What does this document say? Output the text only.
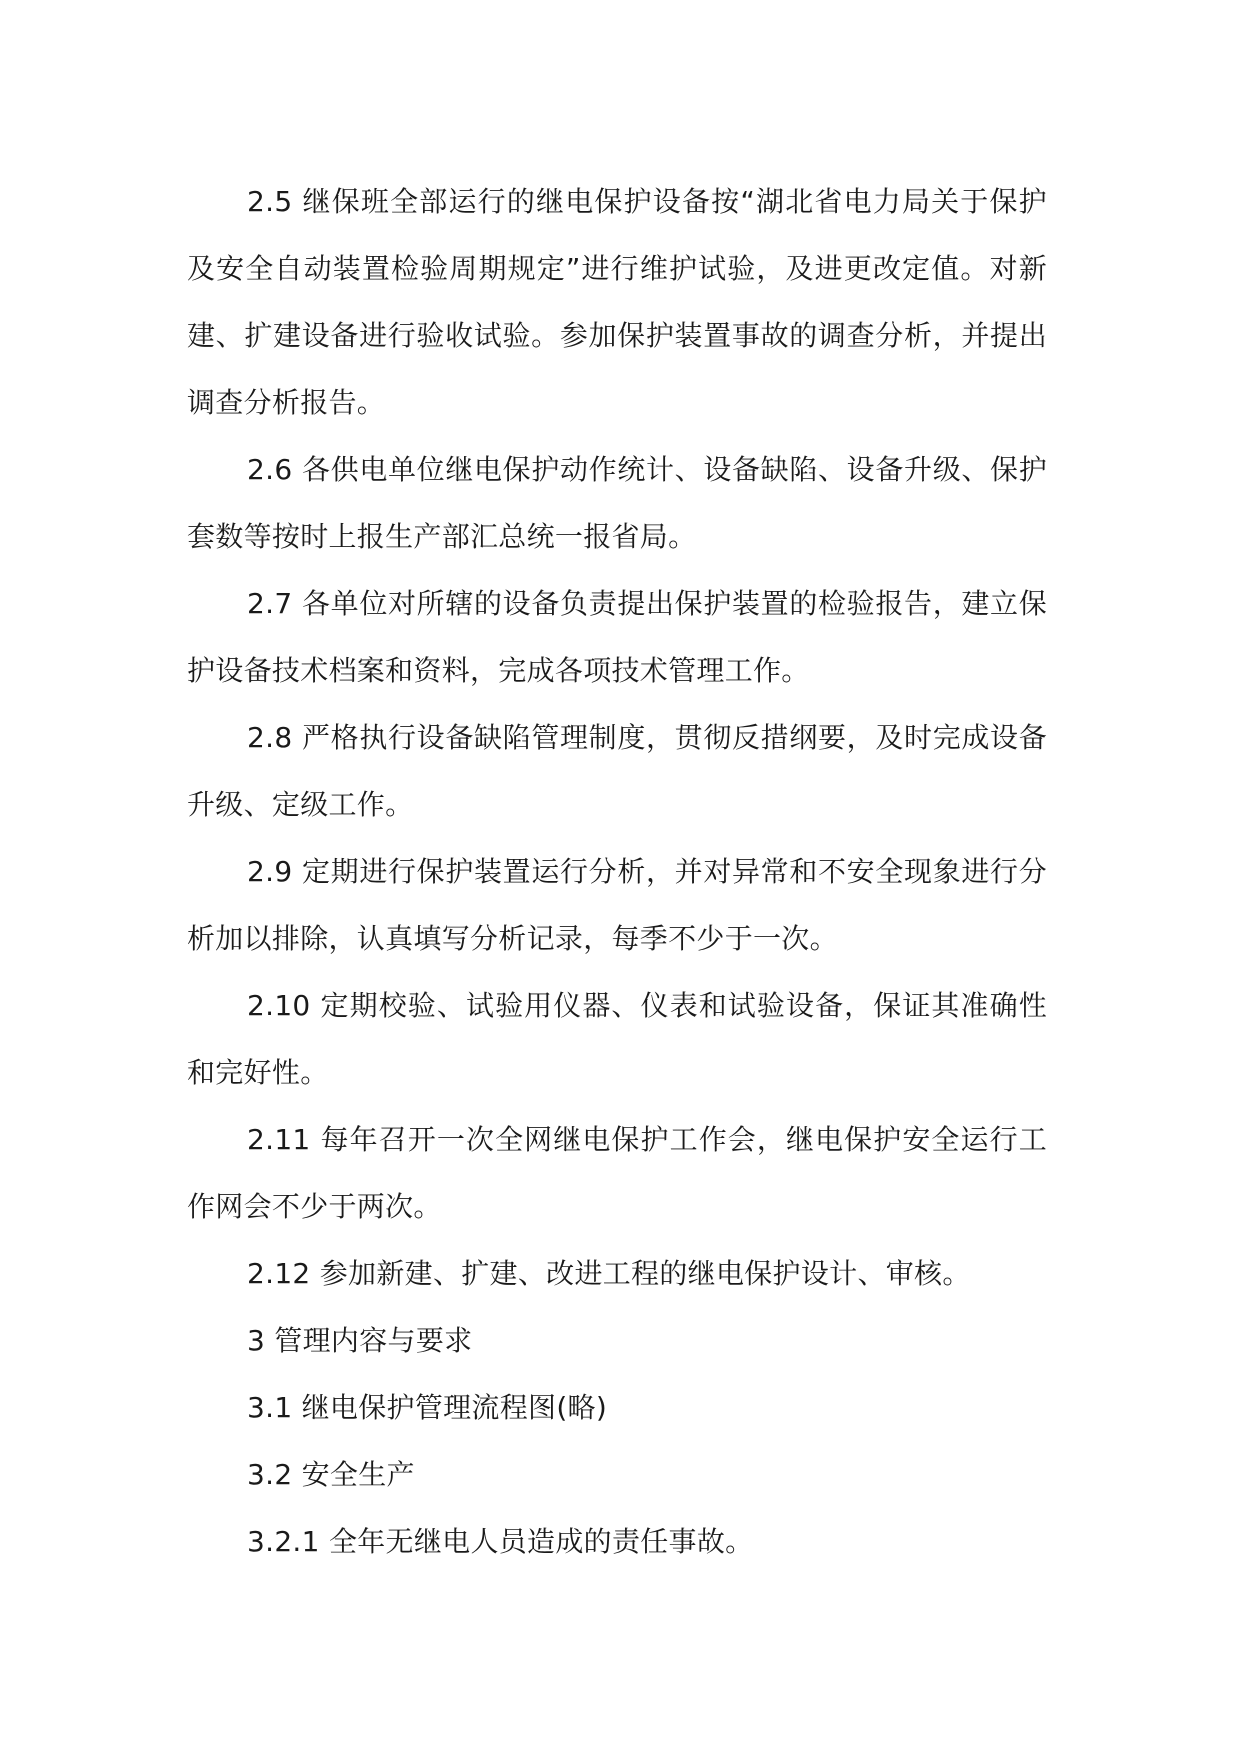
2.5 继保班全部运行的继电保护设备按“湖北省电力局关于保护及安全自动装置检验周期规定”进行维护试验，及进更改定值。对新建、扩建设备进行验收试验。参加保护装置事故的调查分析，并提出调查分析报告。

2.6 各供电单位继电保护动作统计、设备缺陷、设备升级、保护套数等按时上报生产部汇总统一报省局。

2.7 各单位对所辖的设备负责提出保护装置的检验报告，建立保护设备技术档案和资料，完成各项技术管理工作。

2.8 严格执行设备缺陷管理制度，贯彻反措纲要，及时完成设备升级、定级工作。

2.9 定期进行保护装置运行分析，并对异常和不安全现象进行分析加以排除，认真填写分析记录，每季不少于一次。

2.10 定期校验、试验用仪器、仪表和试验设备，保证其准确性和完好性。

2.11 每年召开一次全网继电保护工作会，继电保护安全运行工作网会不少于两次。

2.12 参加新建、扩建、改进工程的继电保护设计、审核。

3 管理内容与要求

3.1 继电保护管理流程图(略)

3.2 安全生产

3.2.1 全年无继电人员造成的责任事故。
